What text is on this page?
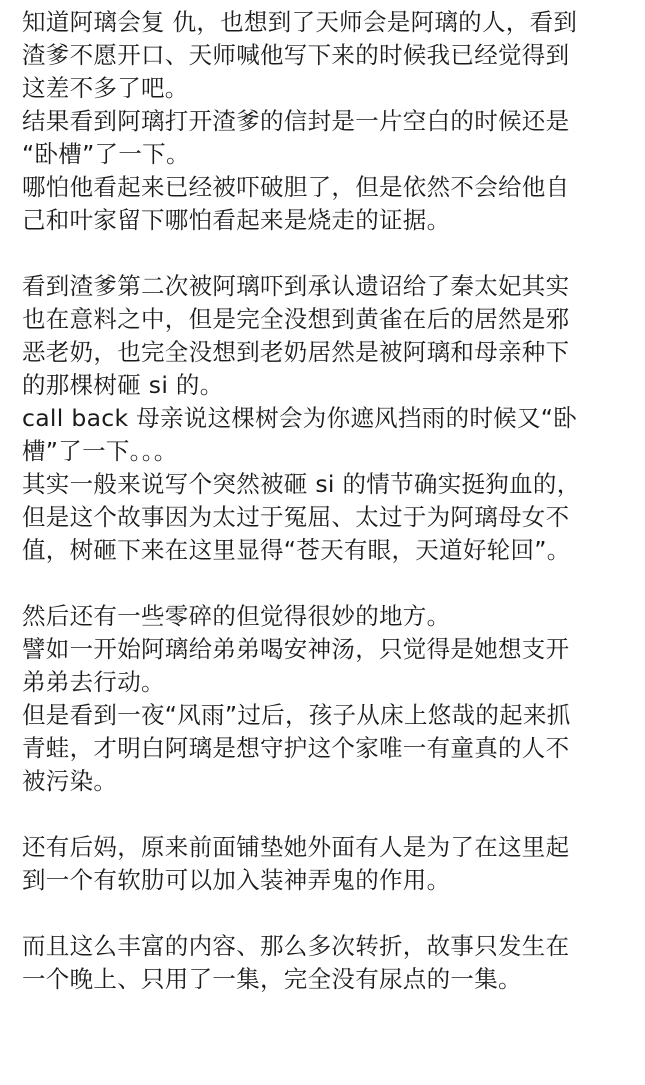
知道阿璃会复 仇，也想到了天师会是阿璃的人，看到
渣爹不愿开口、天师喊他写下来的时候我已经觉得到
这差不多了吧。
结果看到阿璃打开渣爹的信封是一片空白的时候还是
“卧槽”了一下。
哪怕他看起来已经被吓破胆了，但是依然不会给他自
己和叶家留下哪怕看起来是烧走的证据。
看到渣爹第二次被阿璃吓到承认遗诏给了秦太妃其实
也在意料之中，但是完全没想到黄雀在后的居然是邪
恶老奶，也完全没想到老奶居然是被阿璃和母亲种下
的那棵树砸 si 的。
call back 母亲说这棵树会为你遮风挡雨的时候又“卧
槽”了一下。。。
其实一般来说写个突然被砸 si 的情节确实挺狗血的，
但是这个故事因为太过于冤屈、太过于为阿璃母女不
值，树砸下来在这里显得“苍天有眼，天道好轮回”。
然后还有一些零碎的但觉得很妙的地方。
譬如一开始阿璃给弟弟喝安神汤，只觉得是她想支开
弟弟去行动。
但是看到一夜“风雨”过后，孩子从床上悠哉的起来抓
青蛙，才明白阿璃是想守护这个家唯一有童真的人不
被污染。
还有后妈，原来前面铺垫她外面有人是为了在这里起
到一个有软肋可以加入装神弄鬼的作用。
而且这么丰富的内容、那么多次转折，故事只发生在
一个晚上、只用了一集，完全没有尿点的一集。
